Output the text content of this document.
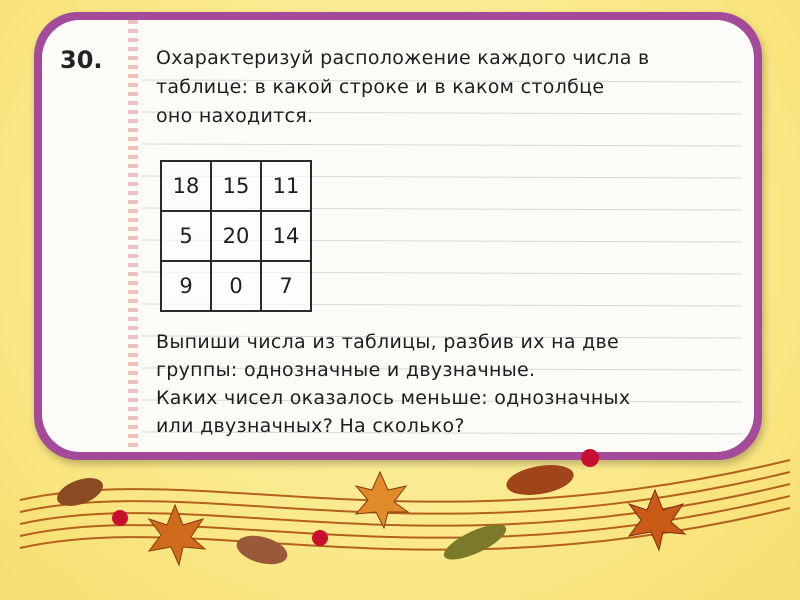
30.	Охарактеризуй расположение каждого числа в
таблице: в какой строке и в каком столбце
оно находится.
18	15	11
5	20	14
9	0	7
Выпиши числа из таблицы, разбив их на две
группы: однозначные и двузначные.
Каких чисел оказалось меньше: однозначных
или двузначных? На сколько?
